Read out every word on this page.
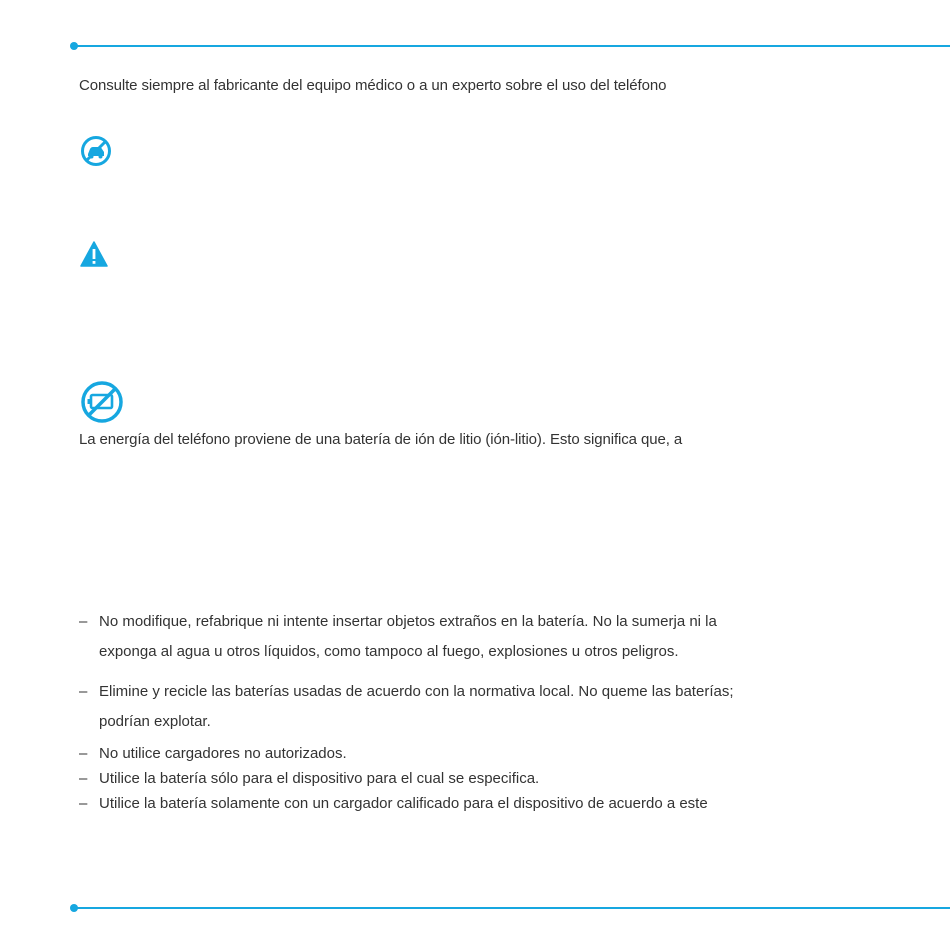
Consulte siempre al fabricante del equipo médico o a un experto sobre el uso del teléfono
La energía del teléfono proviene de una batería de ión de litio (ión-litio). Esto significa que, a
– No modifique, refabrique ni intente insertar objetos extraños en la batería. No la sumerja ni la
exponga al agua u otros líquidos, como tampoco al fuego, explosiones u otros peligros.
– Elimine y recicle las baterías usadas de acuerdo con la normativa local. No queme las baterías;
podrían explotar.
– No utilice cargadores no autorizados.
– Utilice la batería sólo para el dispositivo para el cual se especifica.
– Utilice la batería solamente con un cargador calificado para el dispositivo de acuerdo a este
